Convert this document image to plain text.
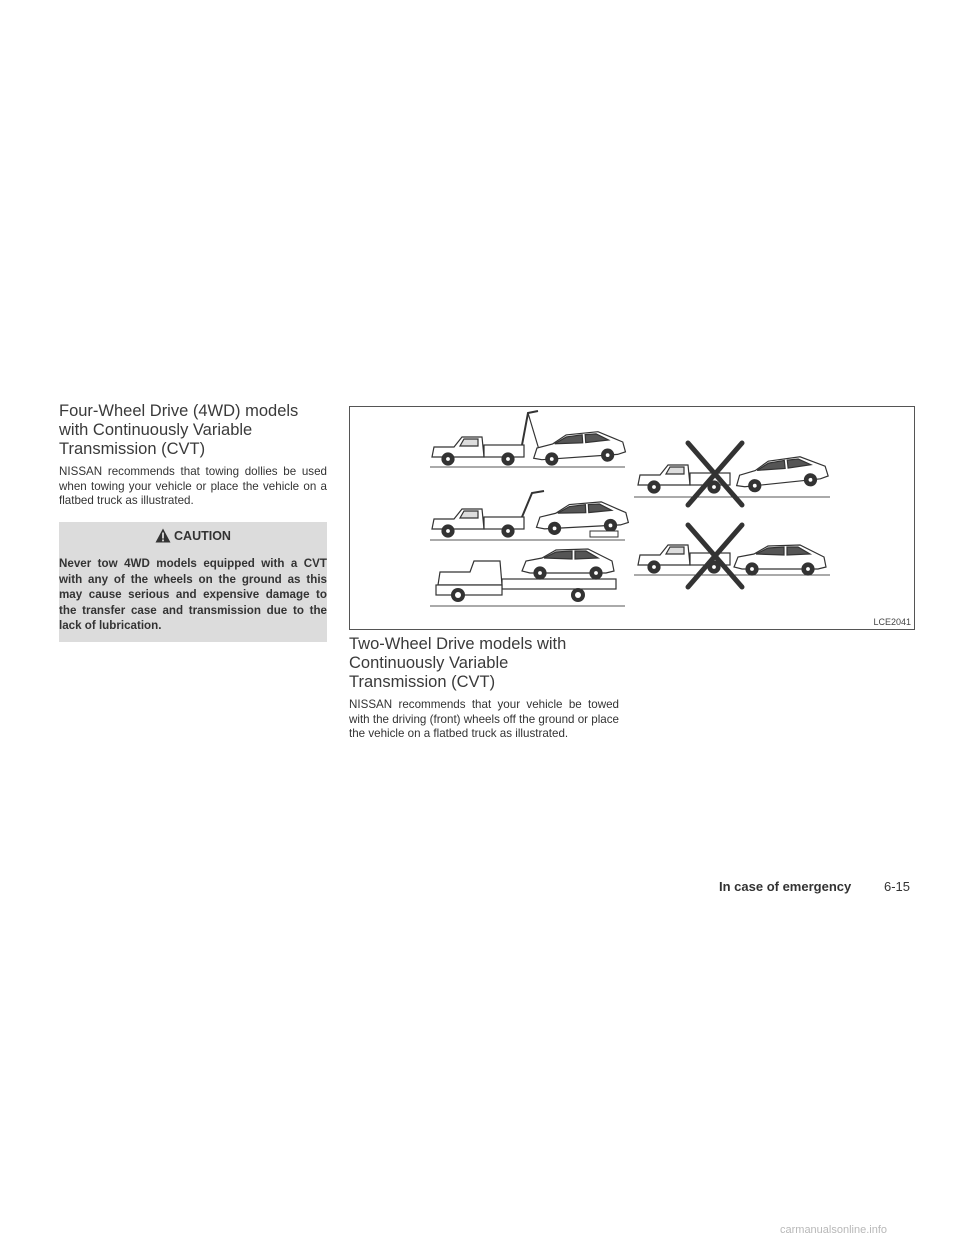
Four-Wheel Drive (4WD) models
with Continuously Variable
Transmission (CVT)

NISSAN recommends that towing dollies be used when towing your vehicle or place the vehicle on a flatbed truck as illustrated.

CAUTION

Never tow 4WD models equipped with a CVT with any of the wheels on the ground as this may cause serious and expensive damage to the transfer case and transmission due to the lack of lubrication.	LCE2041
Two-Wheel Drive models with
Continuously Variable
Transmission (CVT)

NISSAN recommends that your vehicle be towed with the driving (front) wheels off the ground or place the vehicle on a flatbed truck as illustrated.

In case of emergency	6-15
carmanualsonline.info
